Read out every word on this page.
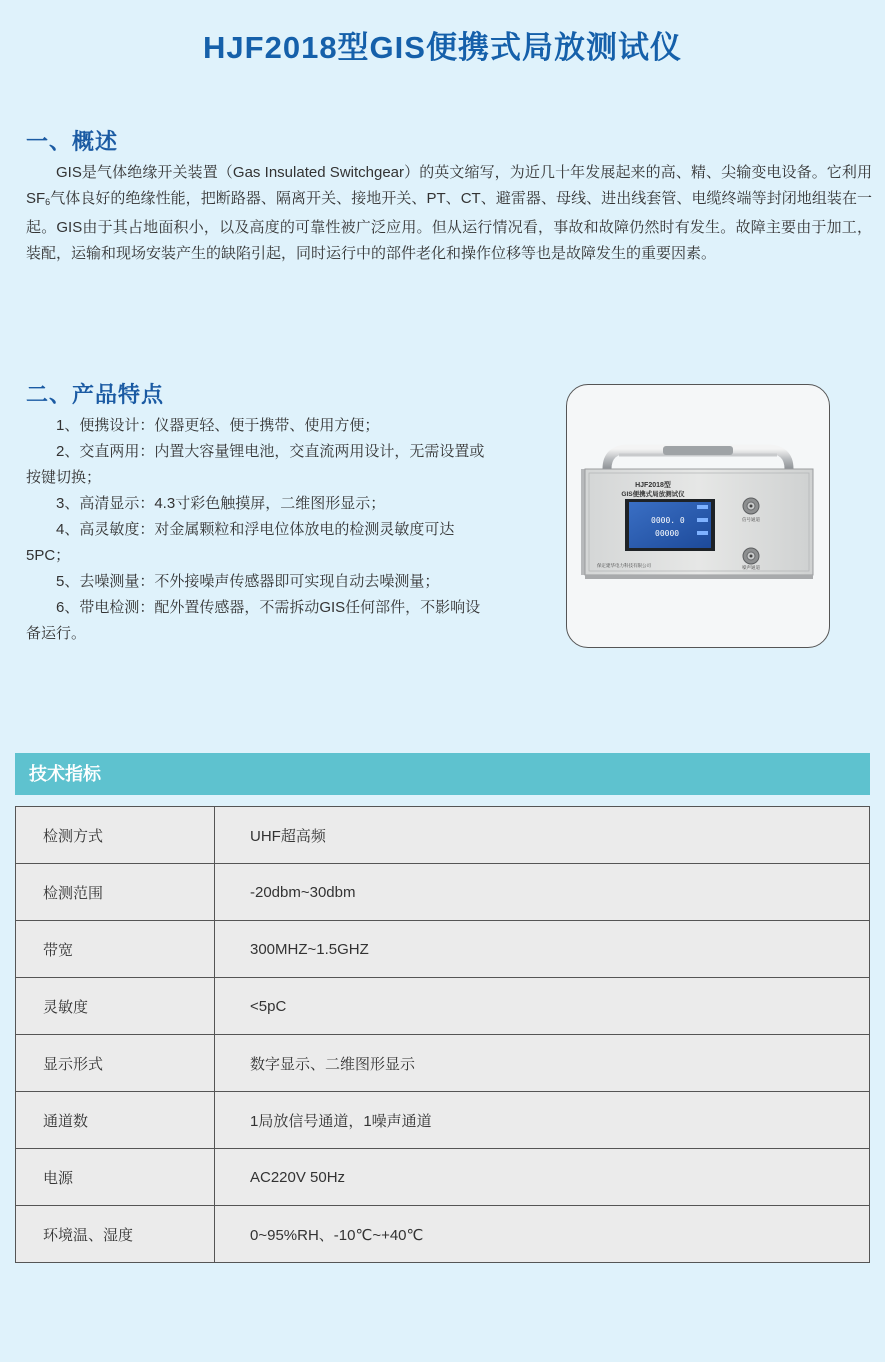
HJF2018型GIS便携式局放测试仪
一、概述

GIS是气体绝缘开关装置（Gas Insulated Switchgear）的英文缩写，为近几十年发展起来的高、精、尖输变电设备。它利用$SF_6$气体良好的绝缘性能，把断路器、隔离开关、接地开关、PT、CT、避雷器、母线、进出线套管、电缆终端等封闭地组装在一起。GIS由于其占地面积小，以及高度的可靠性被广泛应用。但从运行情况看，事故和故障仍然时有发生。故障主要由于加工，装配，运输和现场安装产生的缺陷引起，同时运行中的部件老化和操作位移等也是故障发生的重要因素。

二、产品特点
1、便携设计：仪器更轻、便于携带、使用方便；
2、交直两用：内置大容量锂电池，交直流两用设计，无需设置或按键切换；
3、高清显示：4.3寸彩色触摸屏，二维图形显示；
4、高灵敏度：对金属颗粒和浮电位体放电的检测灵敏度可达5PC；
5、去噪测量：不外接噪声传感器即可实现自动去噪测量；
6、带电检测：配外置传感器，不需拆动GIS任何部件，不影响设备运行。
HJF2018型
GIS便携式局放测试仪
0000. 0
00000
信号通道
噪声通道
保定建华电力科技有限公司
技术指标
检测方式	UHF超高频
检测范围	-20dbm~30dbm
带宽	300MHZ~1.5GHZ
灵敏度	<5pC
显示形式	数字显示、二维图形显示
通道数	1局放信号通道，1噪声通道
电源	AC220V 50Hz
环境温、湿度	0~95%RH、-10℃~+40℃
